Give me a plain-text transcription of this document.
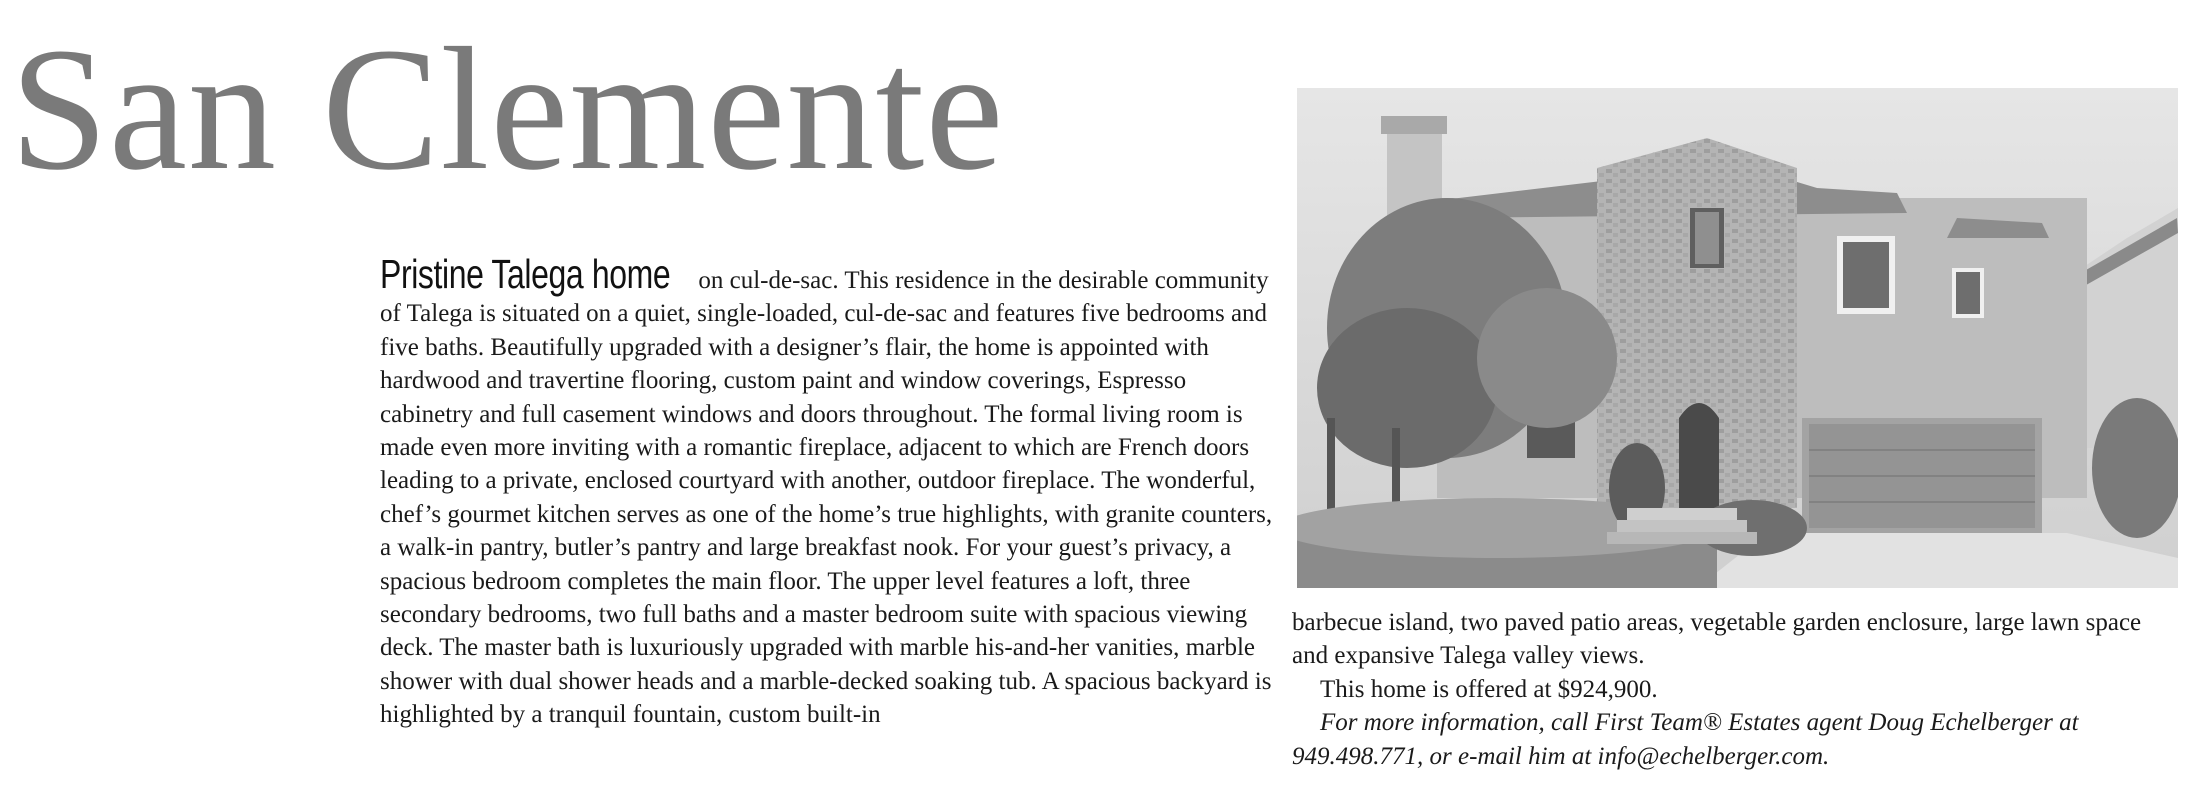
San Clemente

Pristine Talega home on cul-de-sac. This residence in the desirable community of Talega is situated on a quiet, single-loaded, cul-de-sac and features five bedrooms and five baths. Beautifully upgraded with a designer’s flair, the home is appointed with hardwood and travertine flooring, custom paint and window coverings, Espresso cabinetry and full casement windows and doors throughout. The formal living room is made even more inviting with a romantic fireplace, adjacent to which are French doors leading to a private, enclosed courtyard with another, outdoor fireplace. The wonderful, chef’s gourmet kitchen serves as one of the home’s true highlights, with granite counters, a walk-in pantry, butler’s pantry and large breakfast nook. For your guest’s privacy, a spacious bedroom completes the main floor. The upper level features a loft, three secondary bedrooms, two full baths and a master bedroom suite with spacious viewing deck. The master bath is luxuriously upgraded with marble his-and-her vanities, marble shower with dual shower heads and a marble-decked soaking tub. A spacious backyard is highlighted by a tranquil fountain, custom built-in

barbecue island, two paved patio areas, vegetable garden enclosure, large lawn space and expansive Talega valley views.

This home is offered at $924,900.

For more information, call First Team® Estates agent Doug Echelberger at 949.498.771, or e-mail him at info@echelberger.com.
